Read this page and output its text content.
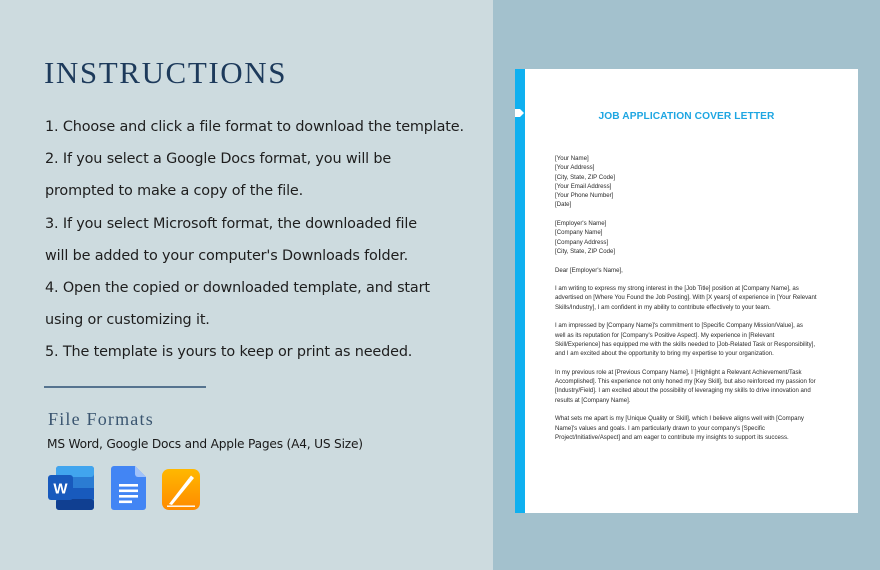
INSTRUCTIONS
1. Choose and click a file format to download the template.
2. If you select a Google Docs format, you will be
prompted to make a copy of the file.
3. If you select Microsoft format, the downloaded file
will be added to your computer's Downloads folder.
4. Open the copied or downloaded template, and start
using or customizing it.
5. The template is yours to keep or print as needed.
File Formats
MS Word, Google Docs and Apple Pages (A4, US Size)
W
JOB APPLICATION COVER LETTER
[Your Name]
[Your Address]
[City, State, ZIP Code]
[Your Email Address]
[Your Phone Number]
[Date]
[Employer's Name]
[Company Name]
[Company Address]
[City, State, ZIP Code]
Dear [Employer's Name],
I am writing to express my strong interest in the [Job Title] position at [Company Name], as
advertised on [Where You Found the Job Posting]. With [X years] of experience in [Your Relevant
Skills/Industry], I am confident in my ability to contribute effectively to your team.
I am impressed by [Company Name]'s commitment to [Specific Company Mission/Value], as
well as its reputation for [Company's Positive Aspect]. My experience in [Relevant
Skill/Experience] has equipped me with the skills needed to [Job-Related Task or Responsibility],
and I am excited about the opportunity to bring my expertise to your organization.
In my previous role at [Previous Company Name], I [Highlight a Relevant Achievement/Task
Accomplished]. This experience not only honed my [Key Skill], but also reinforced my passion for
[Industry/Field]. I am excited about the possibility of leveraging my skills to drive innovation and
results at [Company Name].
What sets me apart is my [Unique Quality or Skill], which I believe aligns well with [Company
Name]'s values and goals. I am particularly drawn to your company's [Specific
Project/Initiative/Aspect] and am eager to contribute my insights to support its success.
